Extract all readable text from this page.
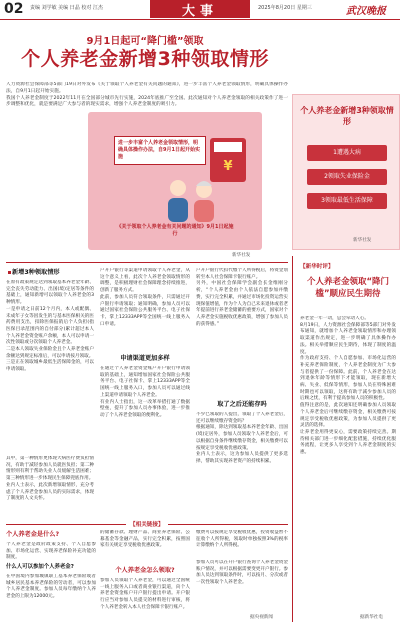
02 责编 刘学敏 美编 曰晶 校对 江杰	大事	2025年8月20日 星期三	武汉晚报
9月1日起可“降门槛”领取
个人养老金新增3种领取情形
人力资源社会保障部等5部门19日对外发布《关于领取个人养老金有关问题的通知》，进一步丰富个人养老金领取情形，明确具体操作办法，自9月1日起开始实施。
我国个人养老金制度于2022年11月在全国部分城市先行实施，2024年底推广至全国。此次通知对个人养老金领取的相关政策作了进一步调整和优化，就是要满足广大参与者的现实需求，增强个人养老金制度的吸引力。
进一步丰富个人养老金领取情形，明确具体操作办法，自9月1日起开始实施
¥
《关于领取个人养老金有关问题的通知》9月1日起施行
新华社发
个人养老金新增3种领取情形
1遭遇大病
2领取失业保险金
3领取最低生活保障
新华社发
新增3种领取情形
在原有政策规定达到领取基本养老金年龄、完全丧失劳动能力、出国(境)定居等条件的基础上，通知新增可以领取个人养老金的3种情形。
一是申请之日前12个月内，本人或配偶、未成年子女等因发生的与基本医保相关的医药费用支出，扣除医保报销后个人负担(指医保目录范围内的自付部分)累计超过本人个人养老金资金账户余额，本人可以申请一次性领取或分次领取个人养老金。
二是本人领取失业保险金且个人养老金账户余额达到规定标准后，可以申请按月领取。
三是正在领取城乡最低生活保障金的，可以申请领取。
其中，第一种情形更体现大病医疗费负担情况，有助于减轻参加人员就医负担；第二种情形则有利于帮助失业人员缓解生活困难；第三种情形进一步体现民生保障兜底作用。
业内人士表示，此次新增领取情形，充分考虑了个人养老金参加人员的实际需求，体现了制度的人文关怀。
户开户银行等渠道申请领取个人养老金，从这个意义上看，此次个人养老金领取情形的调整，是积极理财社会保障理念持续推进，创新了服务方式。
此前，参加人员符合领取条件，只需通过开户银行申请领取；通知明确，参加人员可以通过国家社会保险公共服务平台、电子社保卡、掌上12333APP等全国统一线上服务入口申请。
申请渠道更加多样
在通过个人养老金资金账户开户银行申请领取的基础上，通知增加国家社会保险公共服务平台、电子社保卡、掌上12333APP等全国统一线上服务入口，参加人员可以通过线上渠道申请领取个人养老金。
有业内人士指出，这一改革举措打通了数据壁垒，提升了参加人员办事体验，进一步推动了个人养老金领取的便利化。
户开户银行代扣代缴个人所得税后，将资金划转至本人社会保障卡银行账户。
另外，中国社会保障学会副会长金维刚分析，“个人养老金由个人依法自愿参加并缴费，实行完全积累，并通过市场化投资运营实现保值增值，作为个人为自己未来退休或者老年提前进行养老金储蓄的重要方式，国家对个人养老金实施税收优惠政策，增强了参加人员的获得感。”
取了之后还能存吗
不少已领取的人提出，领取了个人养老金后，还可以继续缴存资金吗？
根据通知，除达到领取基本养老金年龄、出国(境)定居外，参加人员领取个人养老金后，可以根据自身条件继续缴存资金，相关缴费可以按规定享受税收优惠政策。
业内人士表示，这为参加人员提供了更多选择，帮助其实现养老资产的持续积累。
【相关链接】
个人养老金是什么?
个人养老金是政府政策支持、个人自愿参加、市场化运营、实现养老保险补充功能的制度。
什么人可以参加个人养老金?
在中国境内参加城镇职工基本养老保险或者城乡居民基本养老保险的劳动者，可以参加个人养老金制度。参加人员每年缴纳个人养老金的上限为12000元。
的储蓄存款、理财产品、商业养老保险、公募基金等金融产品，实行完全积累，按照国家有关规定享受税收优惠政策。
个人养老金怎么领取?
参加人员领取个人养老金，可以通过全国统一线上服务入口或者商业银行渠道，向个人养老金资金账户开户银行提出申请。开户银行应当对参加人员提交的材料进行审核，将个人养老金转入本人社会保障卡银行账户。
缴费可以按规定享受税收优惠，投资收益暂不征收个人所得税，领取时单独按照3%的税率计算缴纳个人所得税。
参加人员可以在开户银行查询个人养老金资金账户情况，并可以根据需要变更开户银行。参加人员达到领取条件时，可以按月、分次或者一次性领取个人养老金。
据央视新闻
【新华时评】
个人养老金领取“降门槛”顺应民生期待
养老金一年一动，总会牵动人心。
8月19日，人力资源社会保障部等5部门对外发布通知，就增加个人养老金领取情形和办理领取渠道作出规定，进一步明确了具体操作办法。相关举措顺应民生期待，体现了制度的温度。
作为政府支持、个人自愿参加、市场化运营的补充养老保险制度，个人养老金制度为广大参与者提供了一份保障。此前，个人养老金在达到退休年龄等情形下才能领取，现在新增大病、失业、低保等情形，参加人员在特殊困难时期也可以领取，这将有助于减少参加人员的后顾之忧，有利于提高参加人员的积极性。
值得注意的是，此次通知还明确参加人员领取个人养老金后可继续缴存资金，相关缴费可按规定享受税收优惠政策，为参加人员提供了更灵活的选择。
让养老金用得更安心，需要政策持续完善。期待相关部门进一步细化配套措施，持续优化服务流程，让更多人享受到个人养老金制度的实惠。
据新华社电
